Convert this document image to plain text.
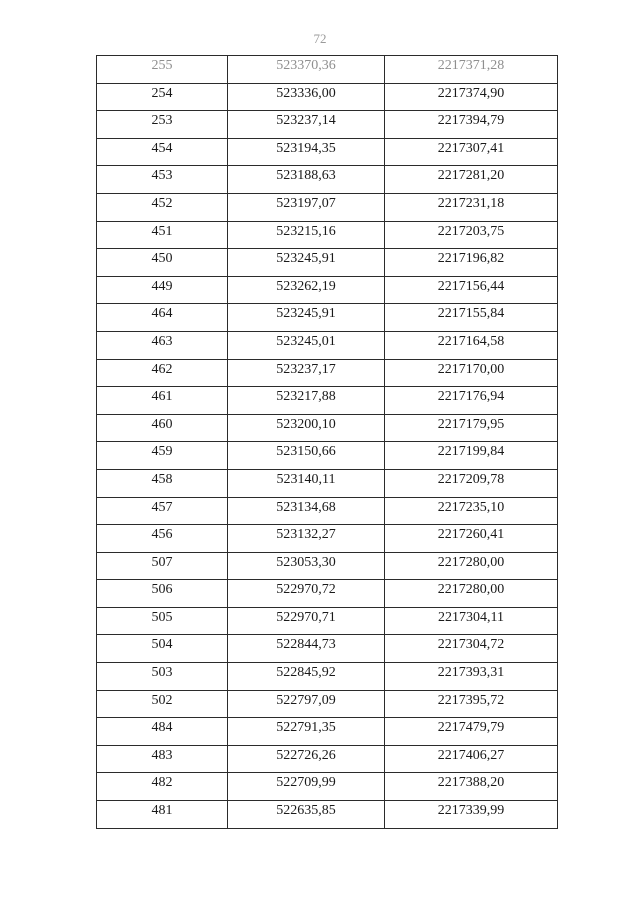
72
255	523370,36	2217371,28
254	523336,00	2217374,90
253	523237,14	2217394,79
454	523194,35	2217307,41
453	523188,63	2217281,20
452	523197,07	2217231,18
451	523215,16	2217203,75
450	523245,91	2217196,82
449	523262,19	2217156,44
464	523245,91	2217155,84
463	523245,01	2217164,58
462	523237,17	2217170,00
461	523217,88	2217176,94
460	523200,10	2217179,95
459	523150,66	2217199,84
458	523140,11	2217209,78
457	523134,68	2217235,10
456	523132,27	2217260,41
507	523053,30	2217280,00
506	522970,72	2217280,00
505	522970,71	2217304,11
504	522844,73	2217304,72
503	522845,92	2217393,31
502	522797,09	2217395,72
484	522791,35	2217479,79
483	522726,26	2217406,27
482	522709,99	2217388,20
481	522635,85	2217339,99
